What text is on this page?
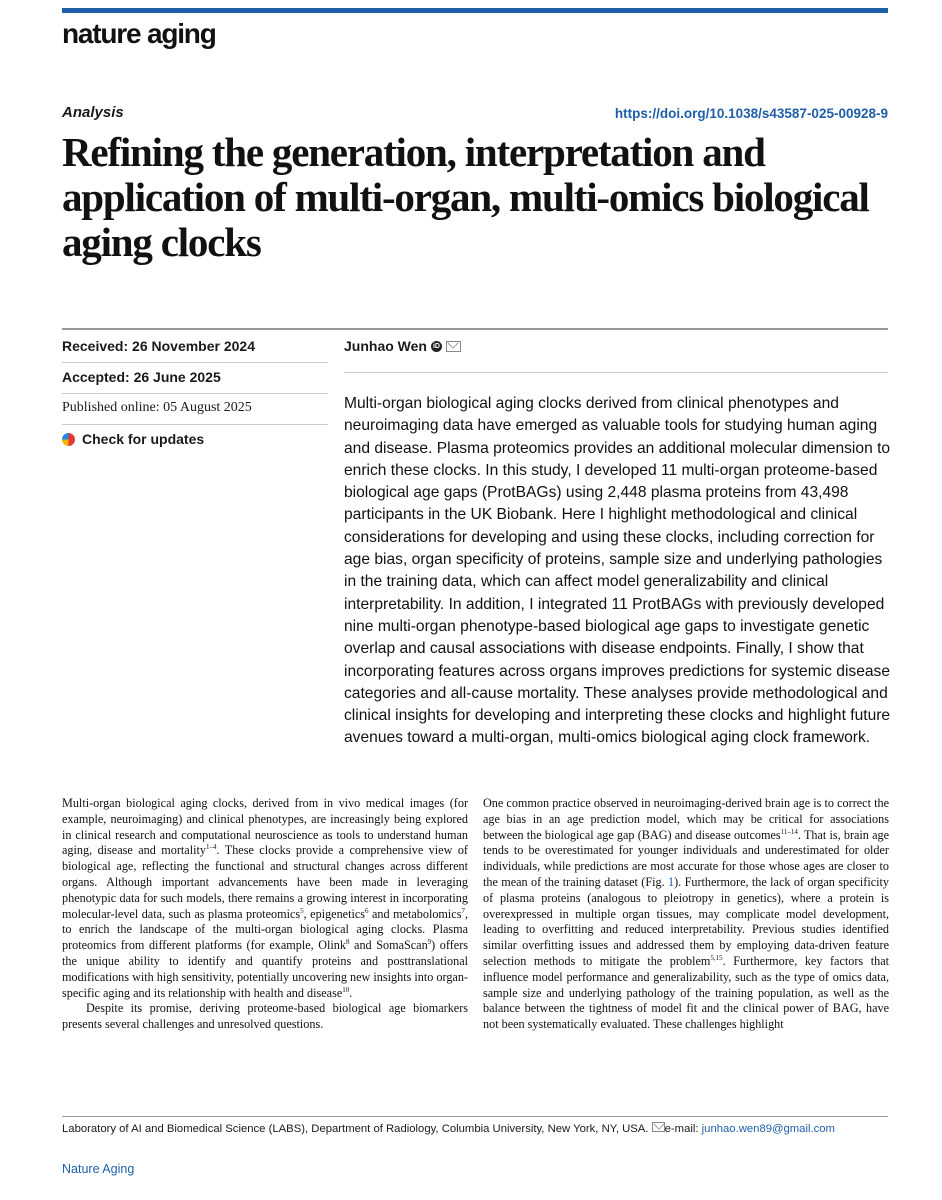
nature aging
Analysis	https://doi.org/10.1038/s43587-025-00928-9
Refining the generation, interpretation and application of multi-organ, multi-omics biological aging clocks
Received: 26 November 2024
Accepted: 26 June 2025
Published online: 05 August 2025
Check for updates
Junhao Wen iD

Multi-organ biological aging clocks derived from clinical phenotypes and neuroimaging data have emerged as valuable tools for studying human aging and disease. Plasma proteomics provides an additional molecular dimension to enrich these clocks. In this study, I developed 11 multi-organ proteome-based biological age gaps (ProtBAGs) using 2,448 plasma proteins from 43,498 participants in the UK Biobank. Here I highlight methodological and clinical considerations for developing and using these clocks, including correction for age bias, organ specificity of proteins, sample size and underlying pathologies in the training data, which can affect model generalizability and clinical interpretability. In addition, I integrated 11 ProtBAGs with previously developed nine multi-organ phenotype-based biological age gaps to investigate genetic overlap and causal associations with disease endpoints. Finally, I show that incorporating features across organs improves predictions for systemic disease categories and all-cause mortality. These analyses provide methodological and clinical insights for developing and interpreting these clocks and highlight future avenues toward a multi-organ, multi-omics biological aging clock framework.

Multi-organ biological aging clocks, derived from in vivo medical images (for example, neuroimaging) and clinical phenotypes, are increasingly being explored in clinical research and computational neuroscience as tools to understand human aging, disease and mortality$^{1-4}$. These clocks provide a comprehensive view of biological age, reflecting the functional and structural changes across different organs. Although important advancements have been made in leveraging phenotypic data for such models, there remains a growing interest in incorporating molecular-level data, such as plasma proteomics$^5$, epigenetics$^6$ and metabolomics$^7$, to enrich the landscape of the multi-organ biological aging clocks. Plasma proteomics from different platforms (for example, Olink$^8$ and SomaScan$^9$) offers the unique ability to identify and quantify proteins and posttranslational modifications with high sensitivity, potentially uncovering new insights into organ-specific aging and its relationship with health and disease$^{10}$.

Despite its promise, deriving proteome-based biological age biomarkers presents several challenges and unresolved questions.

One common practice observed in neuroimaging-derived brain age is to correct the age bias in an age prediction model, which may be critical for associations between the biological age gap (BAG) and disease outcomes$^{11-14}$. That is, brain age tends to be overestimated for younger individuals and underestimated for older individuals, while predictions are most accurate for those whose ages are closer to the mean of the training dataset (Fig. 1). Furthermore, the lack of organ specificity of plasma proteins (analogous to pleiotropy in genetics), where a protein is overexpressed in multiple organ tissues, may complicate model development, leading to overfitting and reduced interpretability. Previous studies identified similar overfitting issues and addressed them by employing data-driven feature selection methods to mitigate the problem$^{5,15}$. Furthermore, key factors that influence model performance and generalizability, such as the type of omics data, sample size and underlying pathology of the training population, as well as the balance between the tightness of model fit and the clinical power of BAG, have not been systematically evaluated. These challenges highlight

Laboratory of AI and Biomedical Science (LABS), Department of Radiology, Columbia University, New York, NY, USA. e-mail: junhao.wen89@gmail.com
Nature Aging
